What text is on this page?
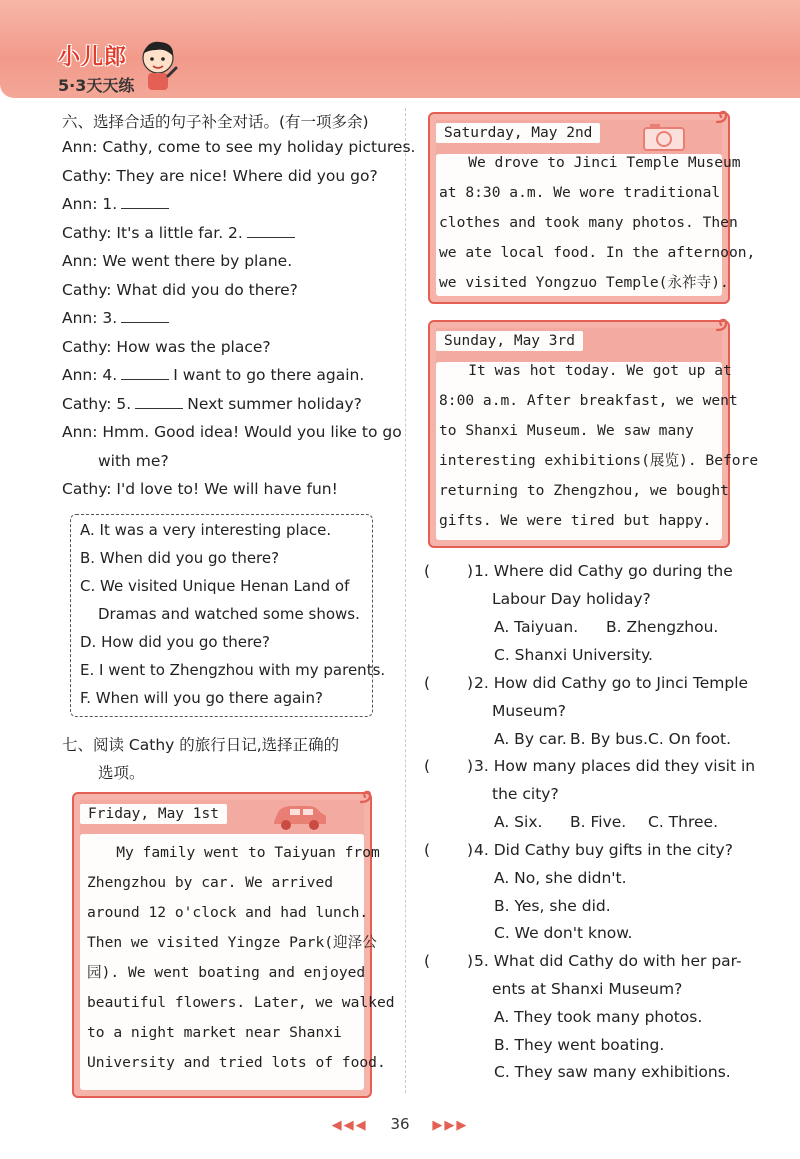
小儿郎
5·3天天练
六、选择合适的句子补全对话。(有一项多余)
Ann: Cathy, come to see my holiday pictures.
Cathy: They are nice! Where did you go?
Ann: 1.
Cathy: It's a little far. 2.
Ann: We went there by plane.
Cathy: What did you do there?
Ann: 3.
Cathy: How was the place?
Ann: 4.	I want to go there again.
Cathy: 5.	Next summer holiday?
Ann: Hmm. Good idea! Would you like to go
with me?
Cathy: I'd love to! We will have fun!
A. It was a very interesting place.
B. When did you go there?
C. We visited Unique Henan Land of
Dramas and watched some shows.
D. How did you go there?
E. I went to Zhengzhou with my parents.
F. When will you go there again?
七、阅读 Cathy 的旅行日记,选择正确的
选项。
Friday, May 1st
My family went to Taiyuan from
Zhengzhou by car. We arrived
around 12 o'clock and had lunch.
Then we visited Yingze Park(迎泽公
园). We went boating and enjoyed
beautiful flowers. Later, we walked
to a night market near Shanxi
University and tried lots of food.
Saturday, May 2nd
We drove to Jinci Temple Museum
at 8:30 a.m. We wore traditional
clothes and took many photos. Then
we ate local food. In the afternoon,
we visited Yongzuo Temple(永祚寺).
Sunday, May 3rd
It was hot today. We got up at
8:00 a.m. After breakfast, we went
to Shanxi Museum. We saw many
interesting exhibitions(展览). Before
returning to Zhengzhou, we bought
gifts. We were tired but happy.
( ) 1. Where did Cathy go during the
Labour Day holiday?
A. Taiyuan. B. Zhengzhou.
C. Shanxi University.
( ) 2. How did Cathy go to Jinci Temple
Museum?
A. By car. B. By bus. C. On foot.
( ) 3. How many places did they visit in
the city?
A. Six. B. Five. C. Three.
( ) 4. Did Cathy buy gifts in the city?
A. No, she didn't.
B. Yes, she did.
C. We don't know.
( ) 5. What did Cathy do with her par-
ents at Shanxi Museum?
A. They took many photos.
B. They went boating.
C. They saw many exhibitions.
◀◀◀ 36 ▶▶▶
